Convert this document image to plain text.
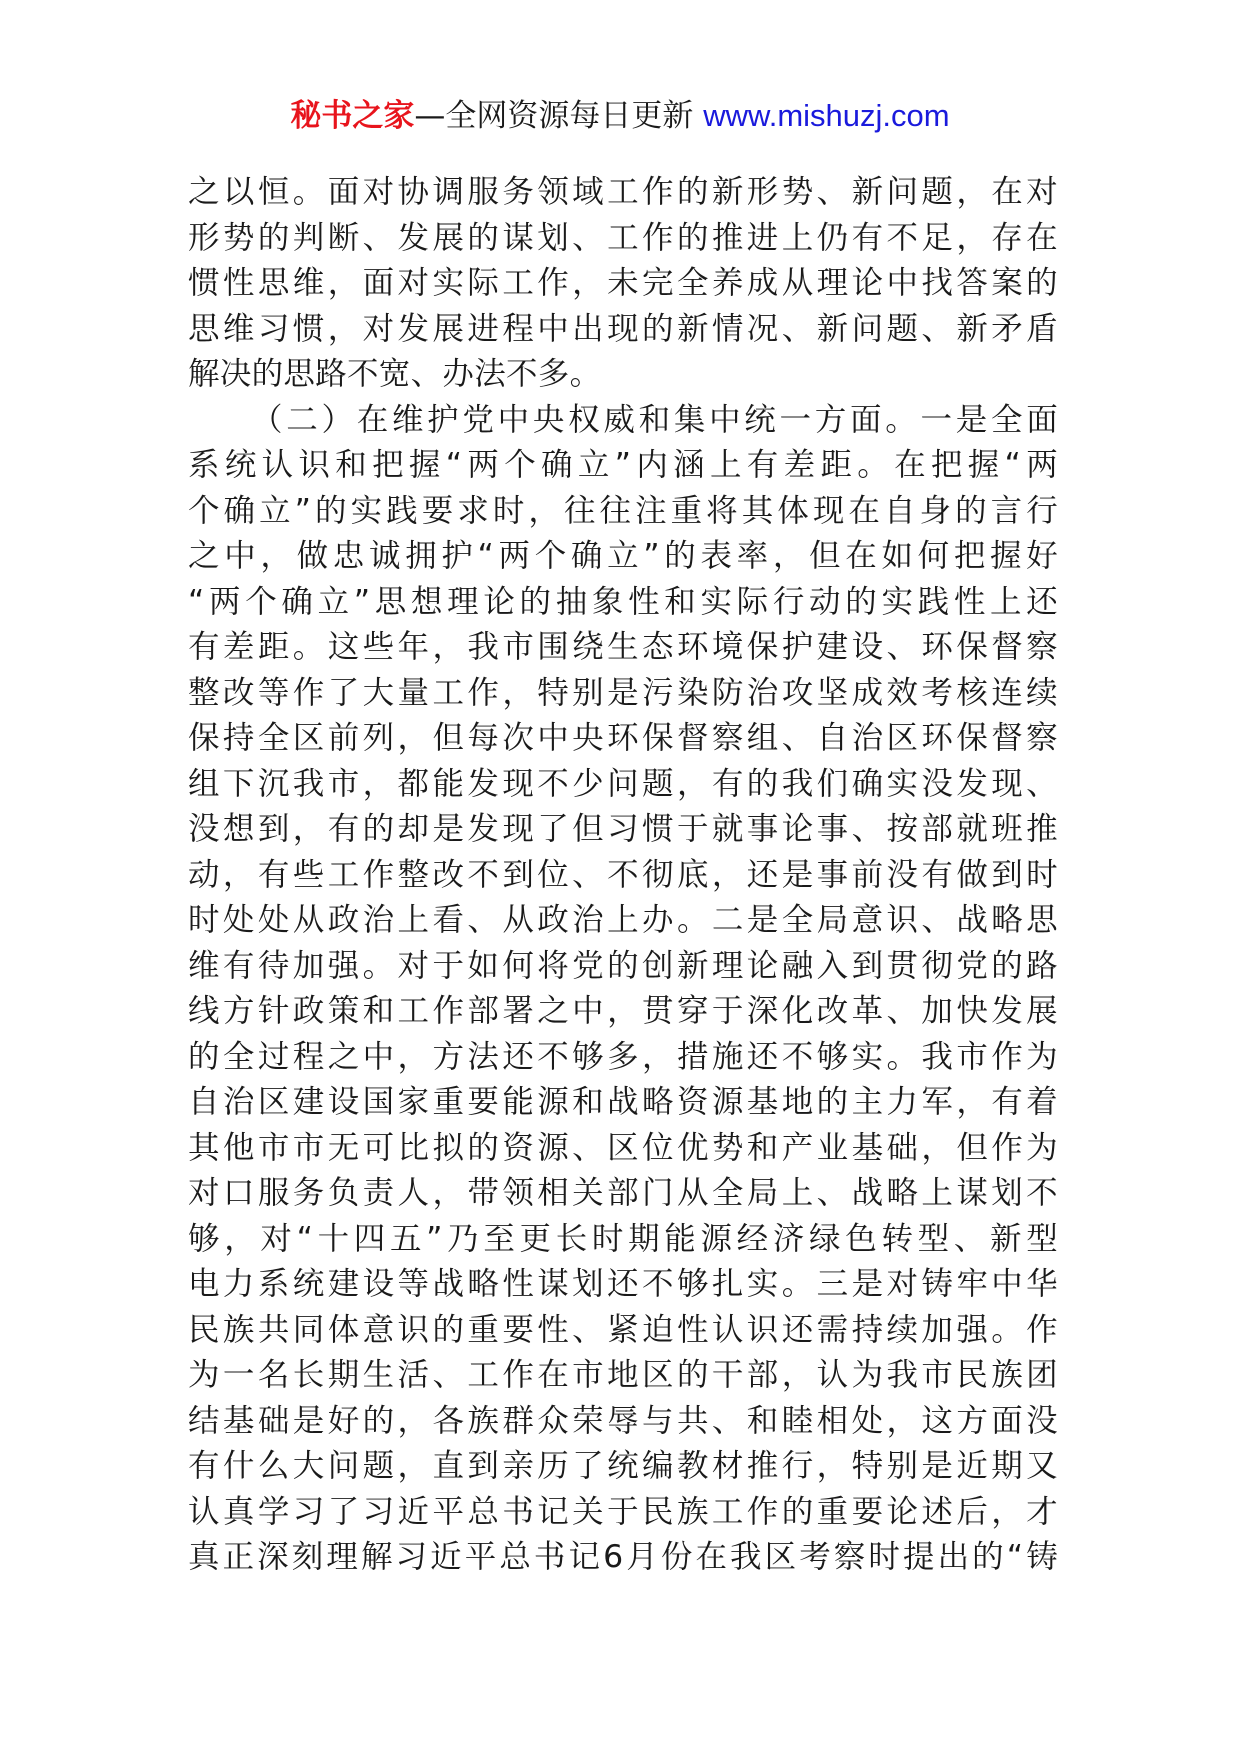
秘书之家—全网资源每日更新 www.mishuzj.com
之以恒。面对协调服务领域工作的新形势、新问题，在对
形势的判断、发展的谋划、工作的推进上仍有不足，存在
惯性思维，面对实际工作，未完全养成从理论中找答案的
思维习惯，对发展进程中出现的新情况、新问题、新矛盾
解决的思路不宽、办法不多。
（二）在维护党中央权威和集中统一方面。一是全面
系统认识和把握“两个确立”内涵上有差距。在把握“两
个确立”的实践要求时，往往注重将其体现在自身的言行
之中，做忠诚拥护“两个确立”的表率，但在如何把握好
“两个确立”思想理论的抽象性和实际行动的实践性上还
有差距。这些年，我市围绕生态环境保护建设、环保督察
整改等作了大量工作，特别是污染防治攻坚成效考核连续
保持全区前列，但每次中央环保督察组、自治区环保督察
组下沉我市，都能发现不少问题，有的我们确实没发现、
没想到，有的却是发现了但习惯于就事论事、按部就班推
动，有些工作整改不到位、不彻底，还是事前没有做到时
时处处从政治上看、从政治上办。二是全局意识、战略思
维有待加强。对于如何将党的创新理论融入到贯彻党的路
线方针政策和工作部署之中，贯穿于深化改革、加快发展
的全过程之中，方法还不够多，措施还不够实。我市作为
自治区建设国家重要能源和战略资源基地的主力军，有着
其他市市无可比拟的资源、区位优势和产业基础，但作为
对口服务负责人，带领相关部门从全局上、战略上谋划不
够，对“十四五”乃至更长时期能源经济绿色转型、新型
电力系统建设等战略性谋划还不够扎实。三是对铸牢中华
民族共同体意识的重要性、紧迫性认识还需持续加强。作
为一名长期生活、工作在市地区的干部，认为我市民族团
结基础是好的，各族群众荣辱与共、和睦相处，这方面没
有什么大问题，直到亲历了统编教材推行，特别是近期又
认真学习了习近平总书记关于民族工作的重要论述后，才
真正深刻理解习近平总书记6月份在我区考察时提出的“铸
